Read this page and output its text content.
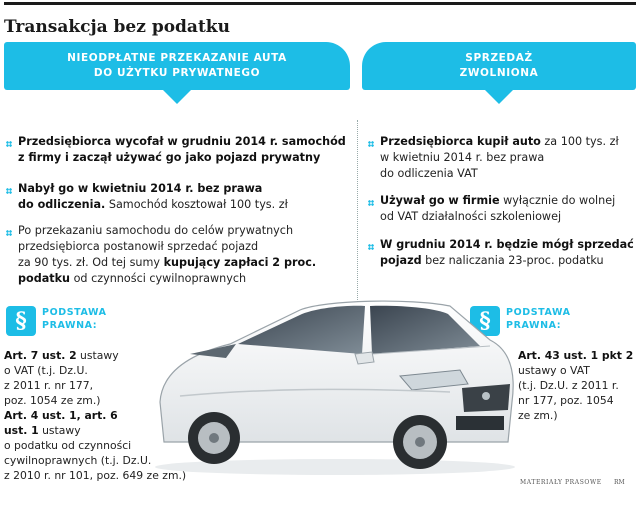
Transakcja bez podatku
NIEODPŁATNE PRZEKAZANIE AUTA
DO UŻYTKU PRYWATNEGO
SPRZEDAŻ
ZWOLNIONA
Przedsiębiorca wycofał w grudniu 2014 r. samochód
z firmy i zaczął używać go jako pojazd prywatny
Nabył go w kwietniu 2014 r. bez prawa
do odliczenia. Samochód kosztował 100 tys. zł
Po przekazaniu samochodu do celów prywatnych
przedsiębiorca postanowił sprzedać pojazd
za 90 tys. zł. Od tej sumy kupujący zapłaci 2 proc.
podatku od czynności cywilnoprawnych
Przedsiębiorca kupił auto za 100 tys. zł
w kwietniu 2014 r. bez prawa
do odliczenia VAT
Używał go w firmie wyłącznie do wolnej
od VAT działalności szkoleniowej
W grudniu 2014 r. będzie mógł sprzedać
pojazd bez naliczania 23-proc. podatku
§	PODSTAWA
PRAWNA:
Art. 7 ust. 2 ustawy
o VAT (t.j. Dz.U.
z 2011 r. nr 177,
poz. 1054 ze zm.)
Art. 4 ust. 1, art. 6
ust. 1 ustawy
o podatku od czynności
cywilnoprawnych (t.j. Dz.U.
z 2010 r. nr 101, poz. 649 ze zm.)
§	PODSTAWA
PRAWNA:
Art. 43 ust. 1 pkt 2
ustawy o VAT
(t.j. Dz.U. z 2011 r.
nr 177, poz. 1054
ze zm.)
MATERIAŁY PRASOWE RM
